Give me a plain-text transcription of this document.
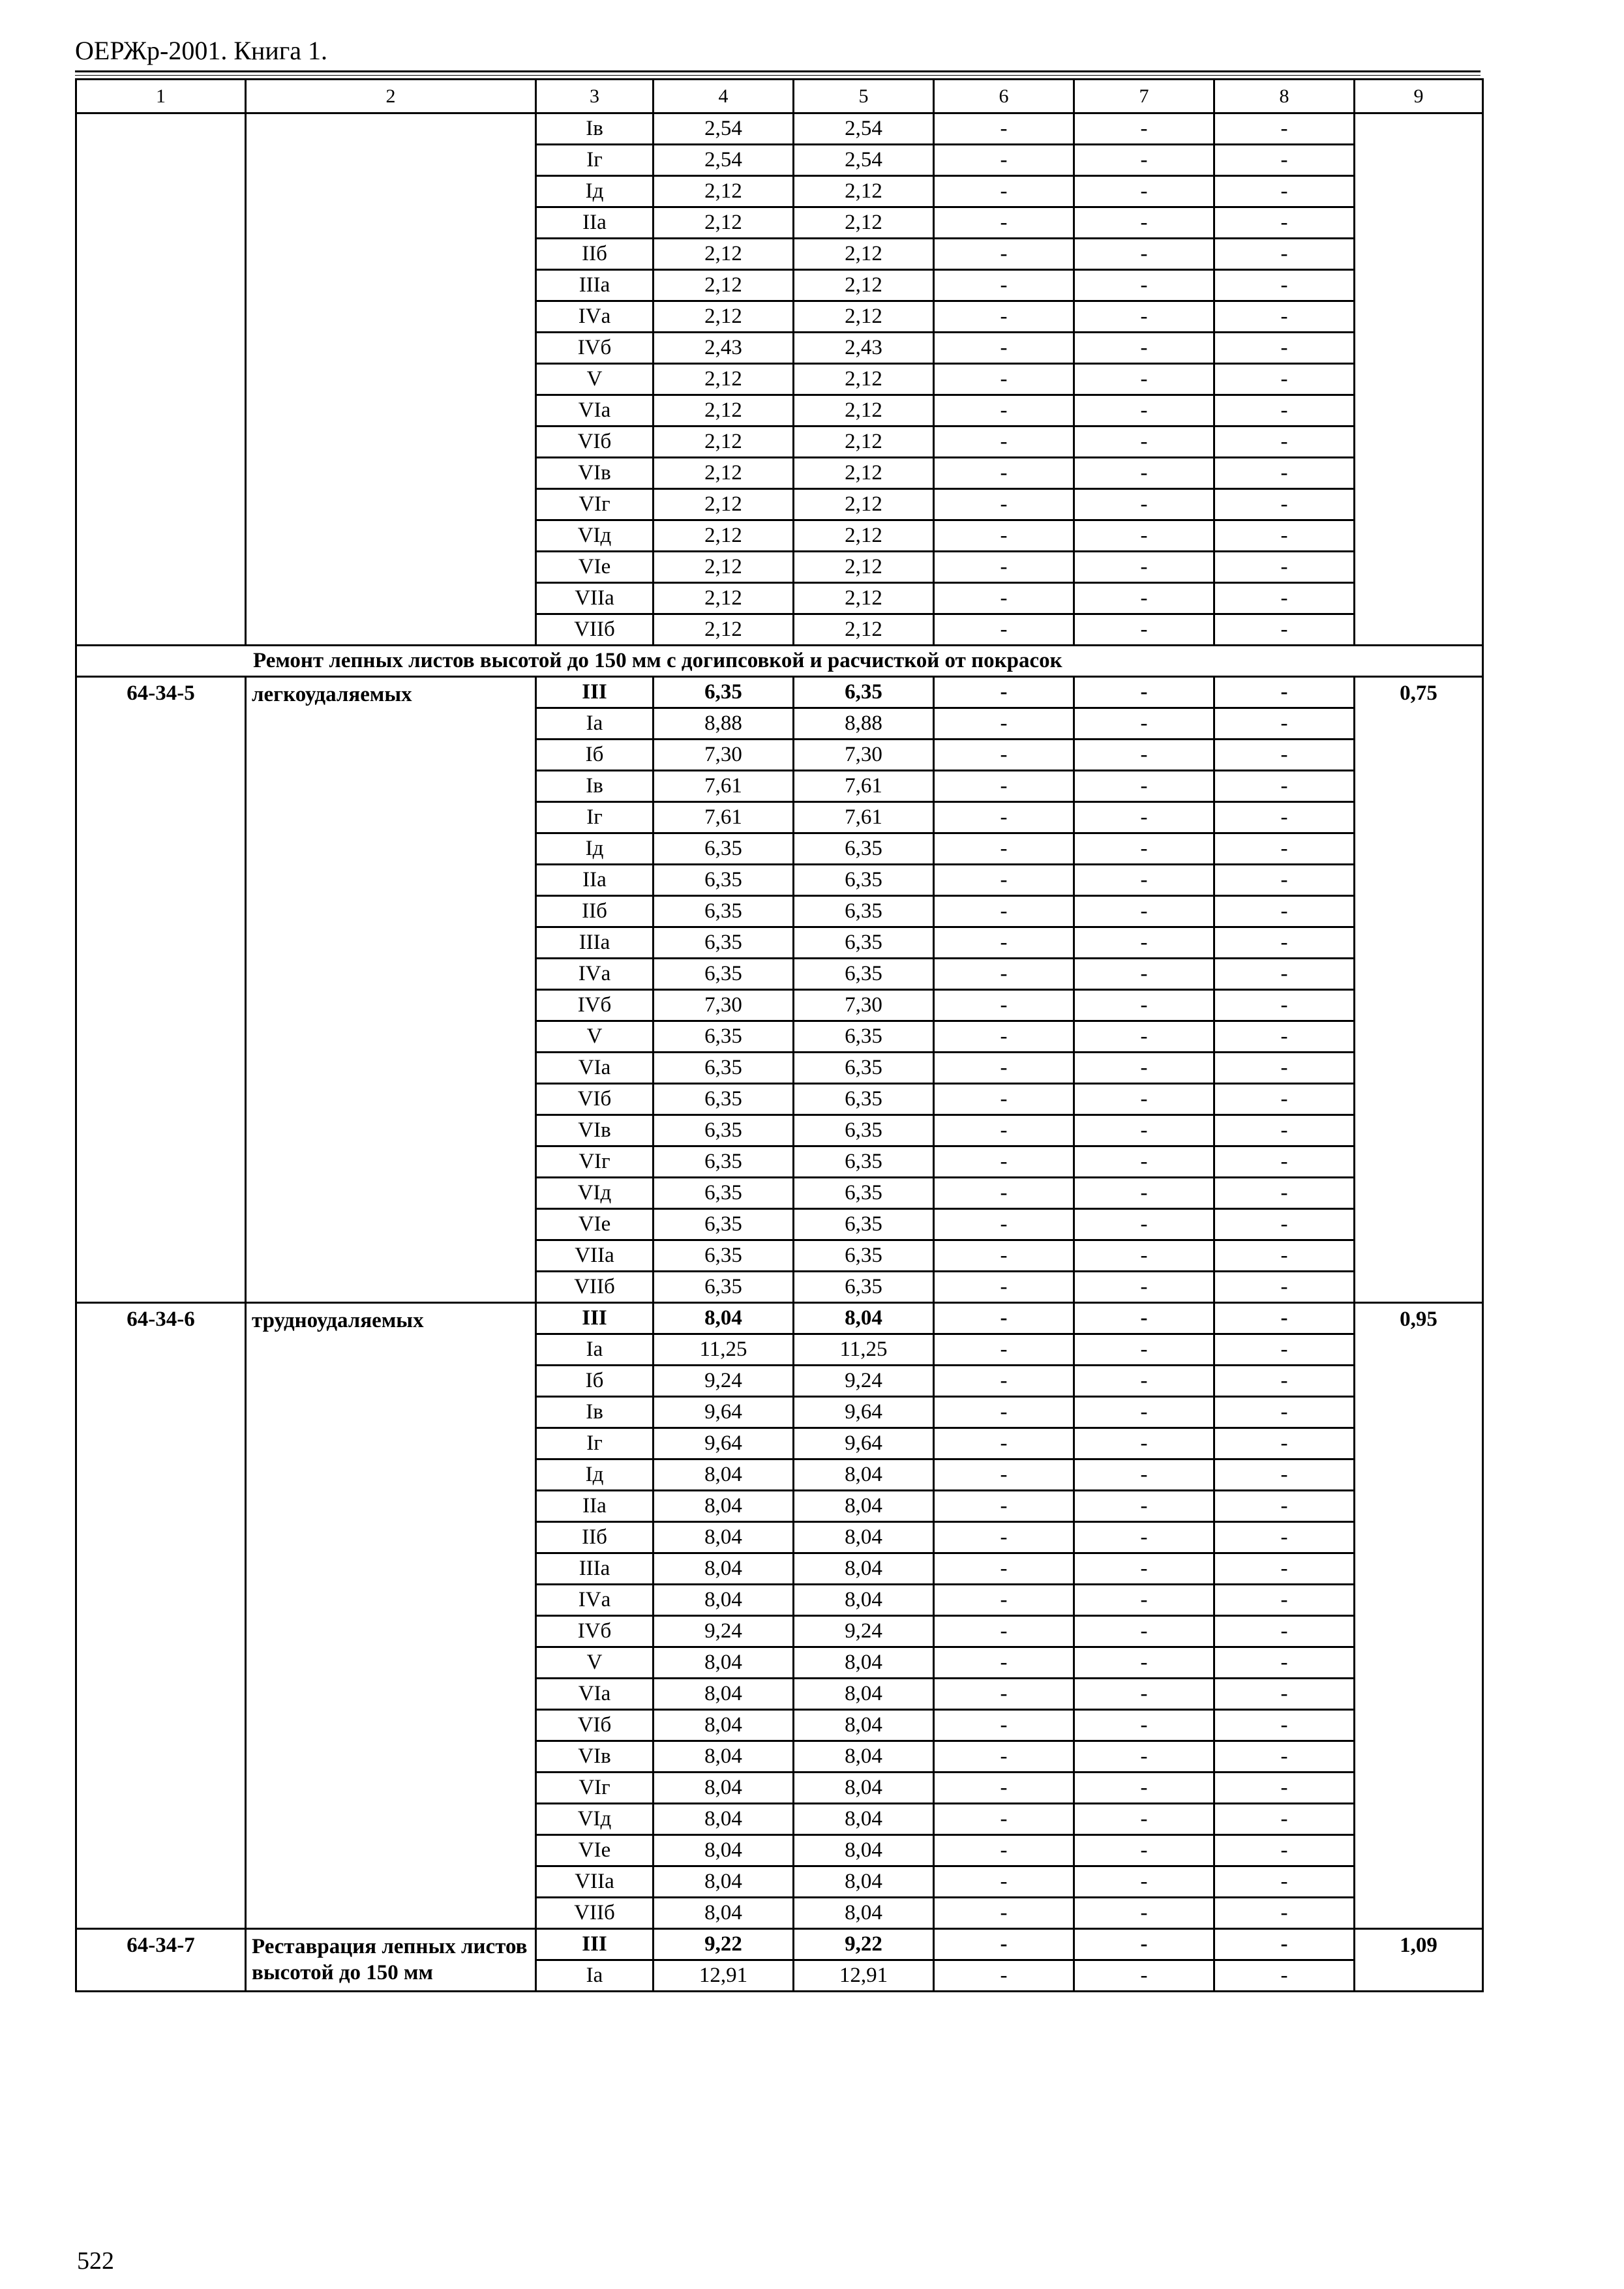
ОЕРЖр-2001. Книга 1.
1	2	3	4	5	6	7	8	9
		Iв	2,54	2,54	-	-	-	
		Iг	2,54	2,54	-	-	-	
		Iд	2,12	2,12	-	-	-	
		IIа	2,12	2,12	-	-	-	
		IIб	2,12	2,12	-	-	-	
		IIIа	2,12	2,12	-	-	-	
		IVа	2,12	2,12	-	-	-	
		IVб	2,43	2,43	-	-	-	
		V	2,12	2,12	-	-	-	
		VIа	2,12	2,12	-	-	-	
		VIб	2,12	2,12	-	-	-	
		VIв	2,12	2,12	-	-	-	
		VIг	2,12	2,12	-	-	-	
		VIд	2,12	2,12	-	-	-	
		VIе	2,12	2,12	-	-	-	
		VIIа	2,12	2,12	-	-	-	
		VIIб	2,12	2,12	-	-	-	
Ремонт лепных листов высотой до 150 мм с догипсовкой и расчисткой от покрасок								
64-34-5	легкоудаляемых	III	6,35	6,35	-	-	-	0,75
		Iа	8,88	8,88	-	-	-	
		Iб	7,30	7,30	-	-	-	
		Iв	7,61	7,61	-	-	-	
		Iг	7,61	7,61	-	-	-	
		Iд	6,35	6,35	-	-	-	
		IIа	6,35	6,35	-	-	-	
		IIб	6,35	6,35	-	-	-	
		IIIа	6,35	6,35	-	-	-	
		IVа	6,35	6,35	-	-	-	
		IVб	7,30	7,30	-	-	-	
		V	6,35	6,35	-	-	-	
		VIа	6,35	6,35	-	-	-	
		VIб	6,35	6,35	-	-	-	
		VIв	6,35	6,35	-	-	-	
		VIг	6,35	6,35	-	-	-	
		VIд	6,35	6,35	-	-	-	
		VIе	6,35	6,35	-	-	-	
		VIIа	6,35	6,35	-	-	-	
		VIIб	6,35	6,35	-	-	-	
64-34-6	трудноудаляемых	III	8,04	8,04	-	-	-	0,95
		Iа	11,25	11,25	-	-	-	
		Iб	9,24	9,24	-	-	-	
		Iв	9,64	9,64	-	-	-	
		Iг	9,64	9,64	-	-	-	
		Iд	8,04	8,04	-	-	-	
		IIа	8,04	8,04	-	-	-	
		IIб	8,04	8,04	-	-	-	
		IIIа	8,04	8,04	-	-	-	
		IVа	8,04	8,04	-	-	-	
		IVб	9,24	9,24	-	-	-	
		V	8,04	8,04	-	-	-	
		VIа	8,04	8,04	-	-	-	
		VIб	8,04	8,04	-	-	-	
		VIв	8,04	8,04	-	-	-	
		VIг	8,04	8,04	-	-	-	
		VIд	8,04	8,04	-	-	-	
		VIе	8,04	8,04	-	-	-	
		VIIа	8,04	8,04	-	-	-	
		VIIб	8,04	8,04	-	-	-	
64-34-7	Реставрация лепных листов высотой до 150 мм	III	9,22	9,22	-	-	-	1,09
		Iа	12,91	12,91	-	-	-	
522
